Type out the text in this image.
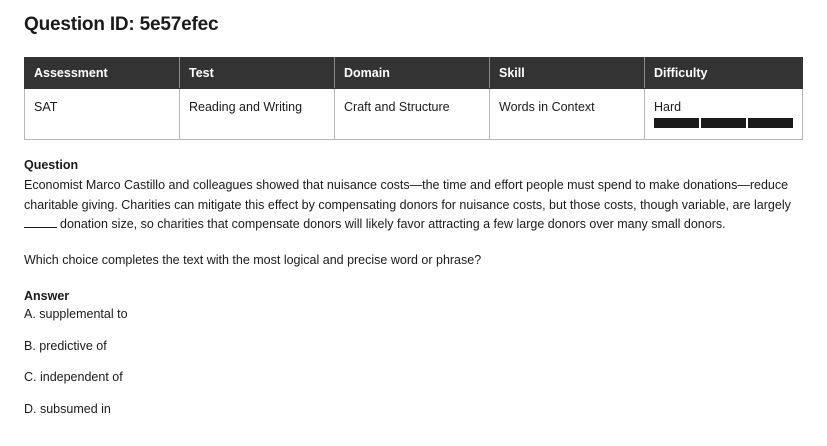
Question ID: 5e57efec
Assessment	Test	Domain	Skill	Difficulty
SAT	Reading and Writing	Craft and Structure	Words in Context	Hard
Question
Economist Marco Castillo and colleagues showed that nuisance costs—the time and effort people must spend to make donations—reduce charitable giving. Charities can mitigate this effect by compensating donors for nuisance costs, but those costs, though variable, are largely
donation size, so charities that compensate donors will likely favor attracting a few large donors over many small donors.
Which choice completes the text with the most logical and precise word or phrase?
Answer
A. supplemental to
B. predictive of
C. independent of
D. subsumed in
